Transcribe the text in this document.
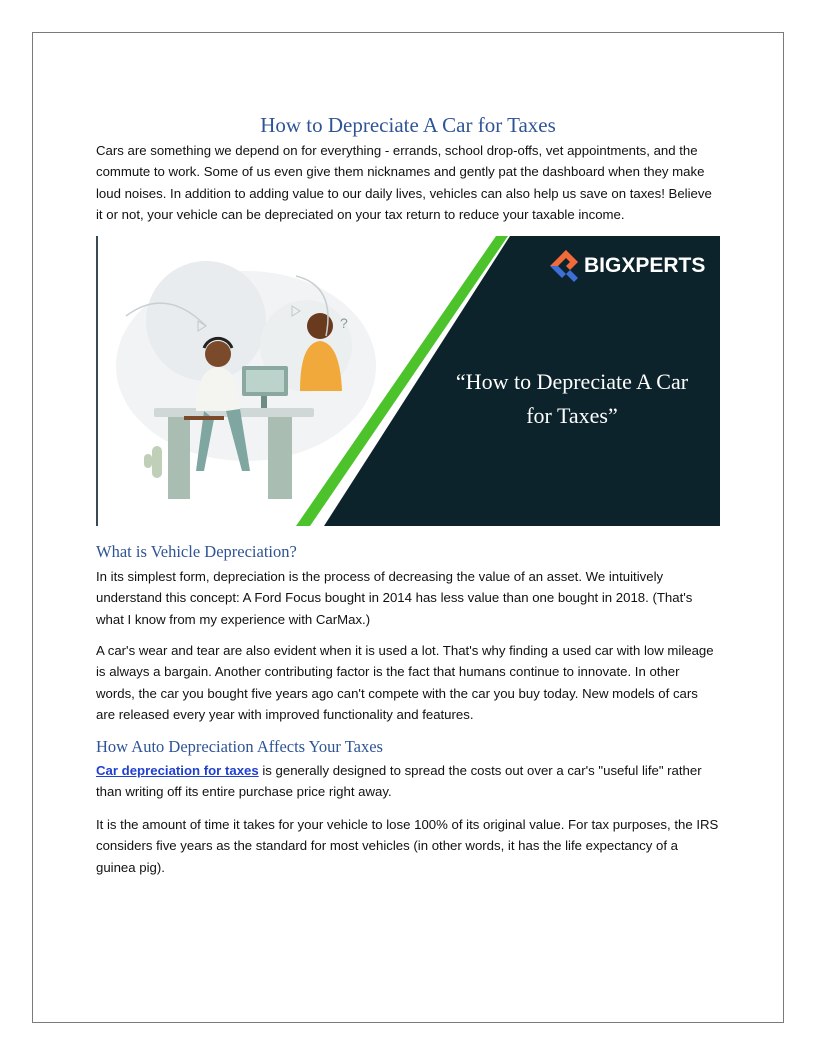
How to Depreciate A Car for Taxes

Cars are something we depend on for everything - errands, school drop-offs, vet appointments, and the commute to work. Some of us even give them nicknames and gently pat the dashboard when they make loud noises. In addition to adding value to our daily lives, vehicles can also help us save on taxes! Believe it or not, your vehicle can be depreciated on your tax return to reduce your taxable income.

?
BIGXPERTS
“How to Depreciate A Car
for Taxes”
What is Vehicle Depreciation?

In its simplest form, depreciation is the process of decreasing the value of an asset. We intuitively understand this concept: A Ford Focus bought in 2014 has less value than one bought in 2018. (That's what I know from my experience with CarMax.)

A car's wear and tear are also evident when it is used a lot. That's why finding a used car with low mileage is always a bargain. Another contributing factor is the fact that humans continue to innovate. In other words, the car you bought five years ago can't compete with the car you buy today. New models of cars are released every year with improved functionality and features.

How Auto Depreciation Affects Your Taxes

Car depreciation for taxes is generally designed to spread the costs out over a car's "useful life" rather than writing off its entire purchase price right away.

It is the amount of time it takes for your vehicle to lose 100% of its original value. For tax purposes, the IRS considers five years as the standard for most vehicles (in other words, it has the life expectancy of a guinea pig).
